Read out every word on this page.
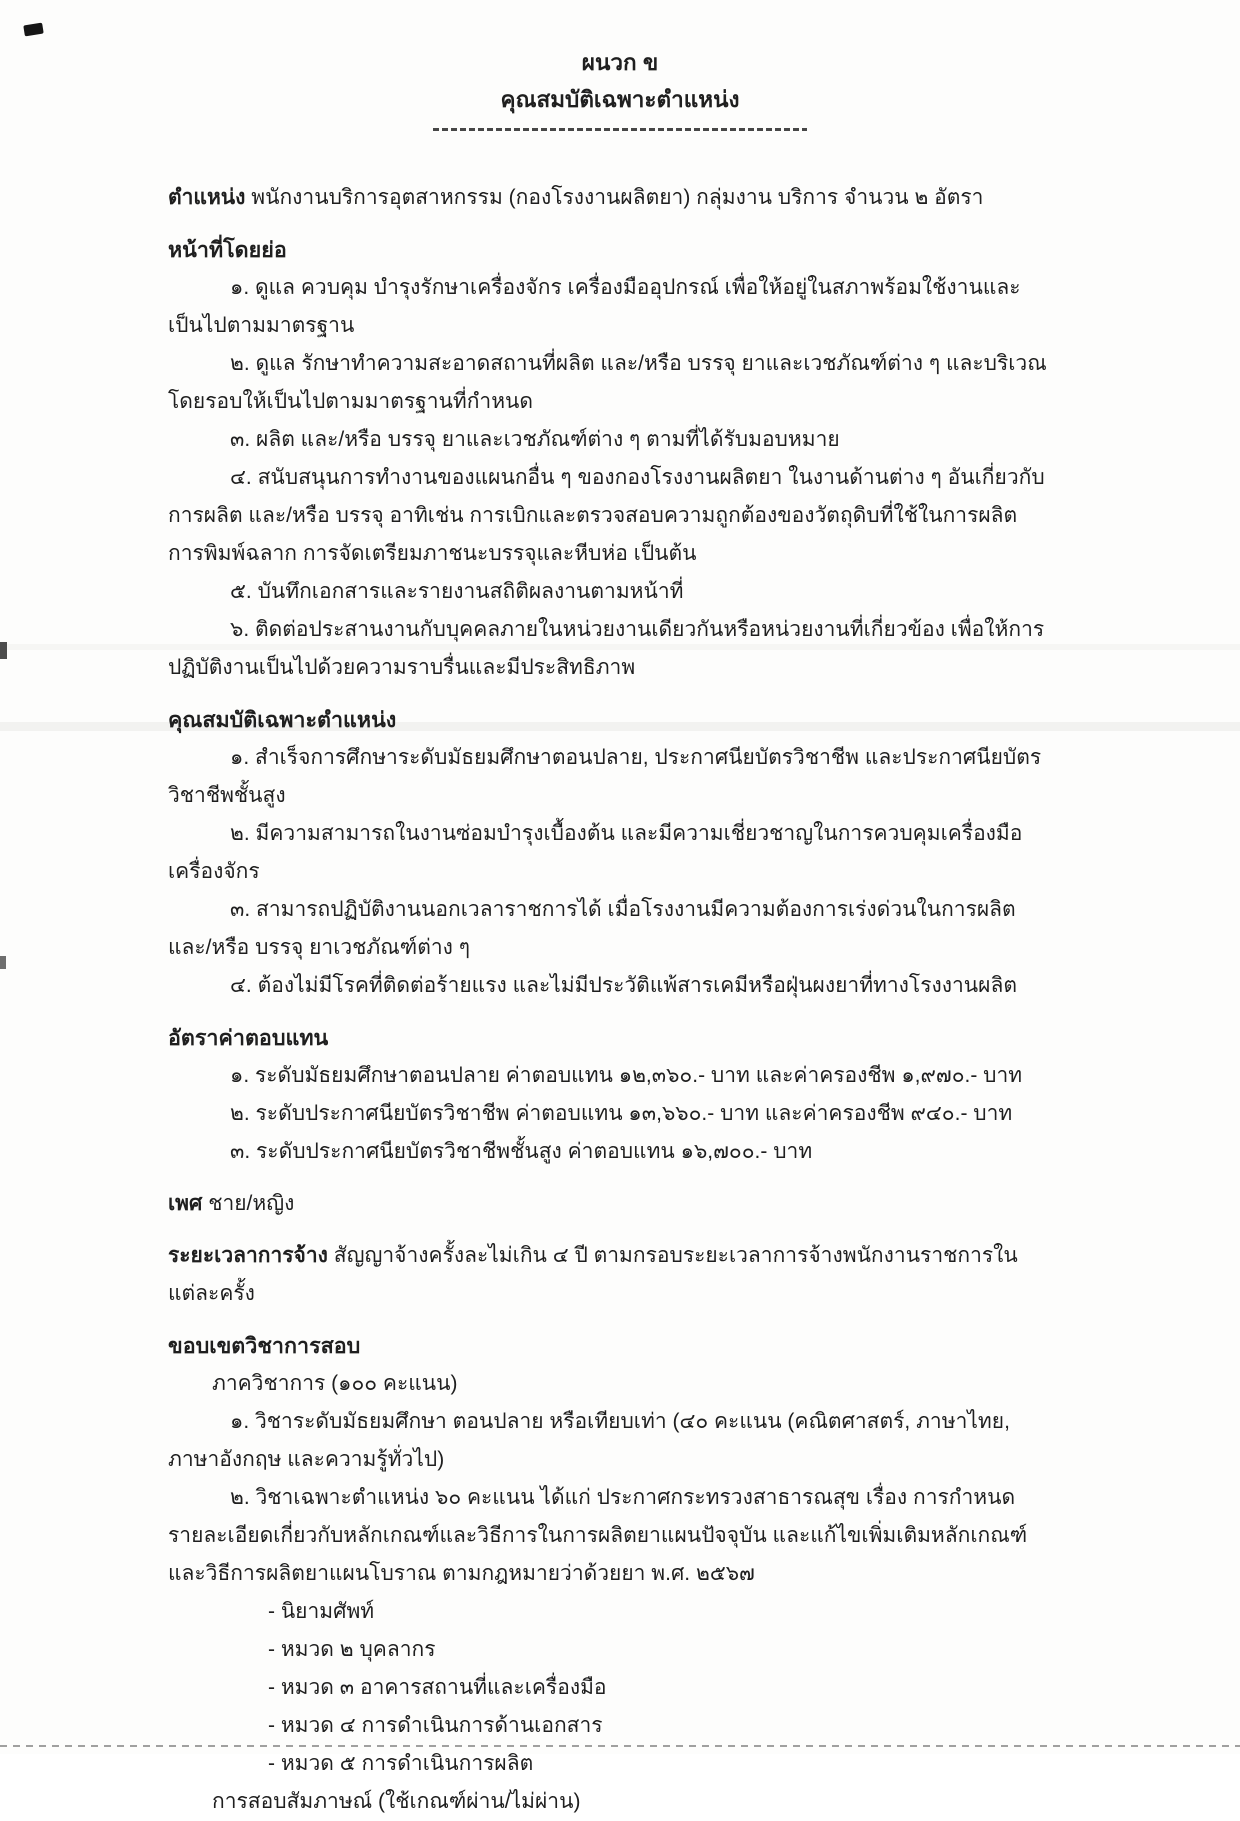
ผนวก ข
คุณสมบัติเฉพาะตำแหน่ง

ตำแหน่ง พนักงานบริการอุตสาหกรรม (กองโรงงานผลิตยา) กลุ่มงาน บริการ จำนวน ๒ อัตรา

หน้าที่โดยย่อ

๑. ดูแล ควบคุม บำรุงรักษาเครื่องจักร เครื่องมืออุปกรณ์ เพื่อให้อยู่ในสภาพร้อมใช้งานและเป็นไปตามมาตรฐาน

๒. ดูแล รักษาทำความสะอาดสถานที่ผลิต และ/หรือ บรรจุ ยาและเวชภัณฑ์ต่าง ๆ และบริเวณโดยรอบให้เป็นไปตามมาตรฐานที่กำหนด

๓. ผลิต และ/หรือ บรรจุ ยาและเวชภัณฑ์ต่าง ๆ ตามที่ได้รับมอบหมาย

๔. สนับสนุนการทำงานของแผนกอื่น ๆ ของกองโรงงานผลิตยา ในงานด้านต่าง ๆ อันเกี่ยวกับการผลิต และ/หรือ บรรจุ อาทิเช่น การเบิกและตรวจสอบความถูกต้องของวัตถุดิบที่ใช้ในการผลิต การพิมพ์ฉลาก การจัดเตรียมภาชนะบรรจุและหีบห่อ เป็นต้น

๕. บันทึกเอกสารและรายงานสถิติผลงานตามหน้าที่

๖. ติดต่อประสานงานกับบุคคลภายในหน่วยงานเดียวกันหรือหน่วยงานที่เกี่ยวข้อง เพื่อให้การปฏิบัติงานเป็นไปด้วยความราบรื่นและมีประสิทธิภาพ

คุณสมบัติเฉพาะตำแหน่ง

๑. สำเร็จการศึกษาระดับมัธยมศึกษาตอนปลาย, ประกาศนียบัตรวิชาชีพ และประกาศนียบัตรวิชาชีพชั้นสูง

๒. มีความสามารถในงานซ่อมบำรุงเบื้องต้น และมีความเชี่ยวชาญในการควบคุมเครื่องมือ เครื่องจักร

๓. สามารถปฏิบัติงานนอกเวลาราชการได้ เมื่อโรงงานมีความต้องการเร่งด่วนในการผลิต และ/หรือ บรรจุ ยาเวชภัณฑ์ต่าง ๆ

๔. ต้องไม่มีโรคที่ติดต่อร้ายแรง และไม่มีประวัติแพ้สารเคมีหรือฝุ่นผงยาที่ทางโรงงานผลิต

อัตราค่าตอบแทน

๑. ระดับมัธยมศึกษาตอนปลาย ค่าตอบแทน ๑๒,๓๖๐.- บาท และค่าครองชีพ ๑,๙๗๐.- บาท

๒. ระดับประกาศนียบัตรวิชาชีพ ค่าตอบแทน ๑๓,๖๖๐.- บาท และค่าครองชีพ ๙๔๐.- บาท

๓. ระดับประกาศนียบัตรวิชาชีพชั้นสูง ค่าตอบแทน ๑๖,๗๐๐.- บาท

เพศ ชาย/หญิง

ระยะเวลาการจ้าง สัญญาจ้างครั้งละไม่เกิน ๔ ปี ตามกรอบระยะเวลาการจ้างพนักงานราชการในแต่ละครั้ง

ขอบเขตวิชาการสอบ

ภาควิชาการ (๑๐๐ คะแนน)

๑. วิชาระดับมัธยมศึกษา ตอนปลาย หรือเทียบเท่า (๔๐ คะแนน (คณิตศาสตร์, ภาษาไทย, ภาษาอังกฤษ และความรู้ทั่วไป)

๒. วิชาเฉพาะตำแหน่ง ๖๐ คะแนน ได้แก่ ประกาศกระทรวงสาธารณสุข เรื่อง การกำหนดรายละเอียดเกี่ยวกับหลักเกณฑ์และวิธีการในการผลิตยาแผนปัจจุบัน และแก้ไขเพิ่มเติมหลักเกณฑ์และวิธีการผลิตยาแผนโบราณ ตามกฎหมายว่าด้วยยา พ.ศ. ๒๕๖๗

- นิยามศัพท์

- หมวด ๒ บุคลากร

- หมวด ๓ อาคารสถานที่และเครื่องมือ

- หมวด ๔ การดำเนินการด้านเอกสาร

- หมวด ๕ การดำเนินการผลิต

การสอบสัมภาษณ์ (ใช้เกณฑ์ผ่าน/ไม่ผ่าน)
